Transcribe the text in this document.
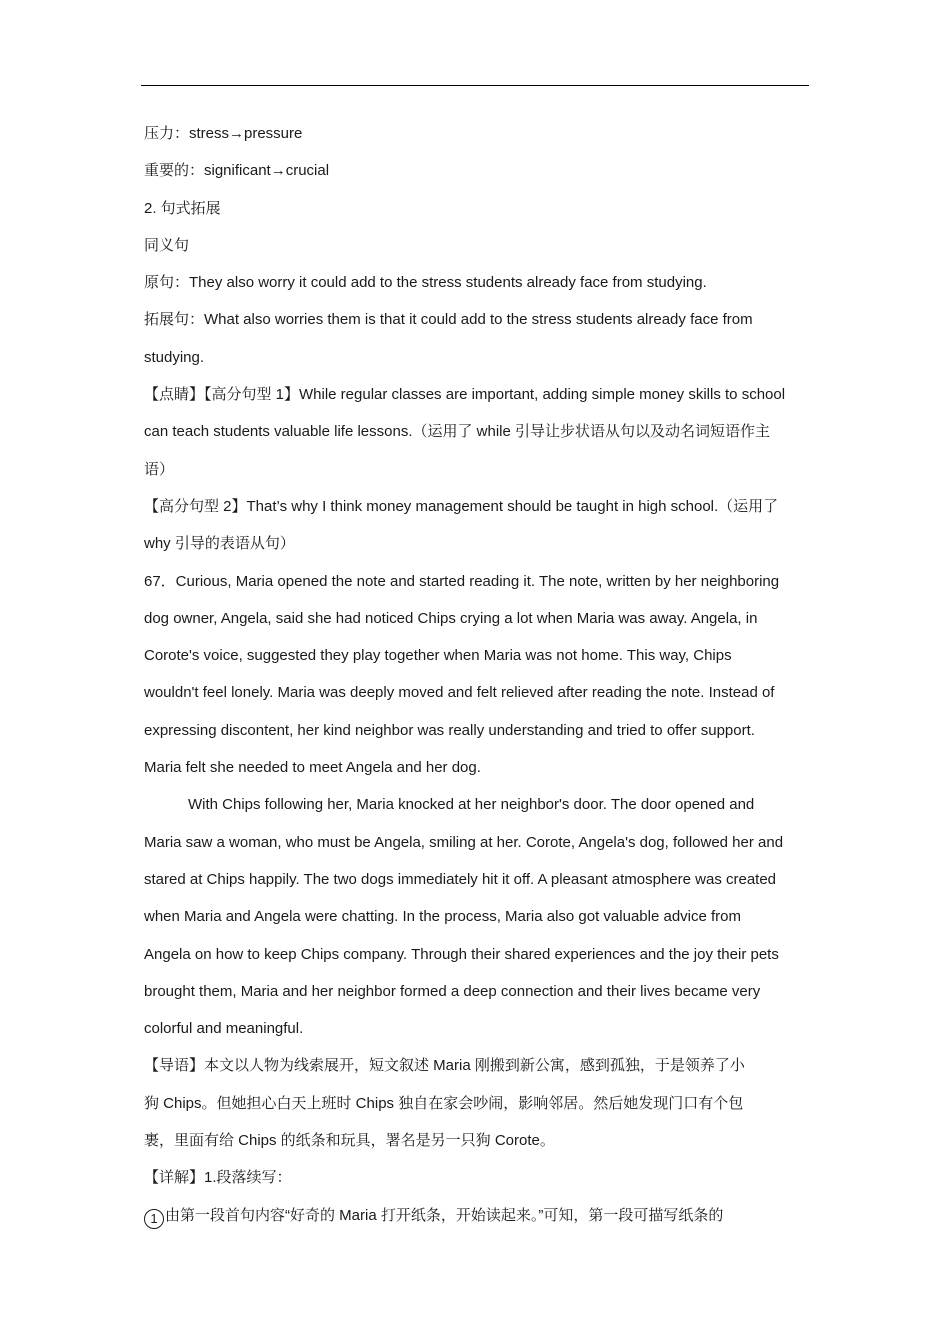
压力：stress→pressure
重要的：significant→crucial
2. 句式拓展
同义句
原句：They also worry it could add to the stress students already face from studying.
拓展句：What also worries them is that it could add to the stress students already face from
studying.
【点睛】【高分句型 1】While regular classes are important, adding simple money skills to school
can teach students valuable life lessons.（运用了 while 引导让步状语从句以及动名词短语作主
语）
【高分句型 2】That’s why I think money management should be taught in high school.（运用了
why 引导的表语从句）
67．Curious, Maria opened the note and started reading it. The note, written by her neighboring
dog owner, Angela, said she had noticed Chips crying a lot when Maria was away. Angela, in
Corote's voice, suggested they play together when Maria was not home. This way, Chips
wouldn't feel lonely. Maria was deeply moved and felt relieved after reading the note. Instead of
expressing discontent, her kind neighbor was really understanding and tried to offer support.
Maria felt she needed to meet Angela and her dog.
With Chips following her, Maria knocked at her neighbor's door. The door opened and
Maria saw a woman, who must be Angela, smiling at her. Corote, Angela's dog, followed her and
stared at Chips happily. The two dogs immediately hit it off. A pleasant atmosphere was created
when Maria and Angela were chatting. In the process, Maria also got valuable advice from
Angela on how to keep Chips company. Through their shared experiences and the joy their pets
brought them, Maria and her neighbor formed a deep connection and their lives became very
colorful and meaningful.
【导语】本文以人物为线索展开，短文叙述 Maria 刚搬到新公寓，感到孤独，于是领养了小
狗 Chips。但她担心白天上班时 Chips 独自在家会吵闹，影响邻居。然后她发现门口有个包
裹，里面有给 Chips 的纸条和玩具，署名是另一只狗 Corote。
【详解】1.段落续写：
1 由第一段首句内容“好奇的 Maria 打开纸条，开始读起来。”可知，第一段可描写纸条的
